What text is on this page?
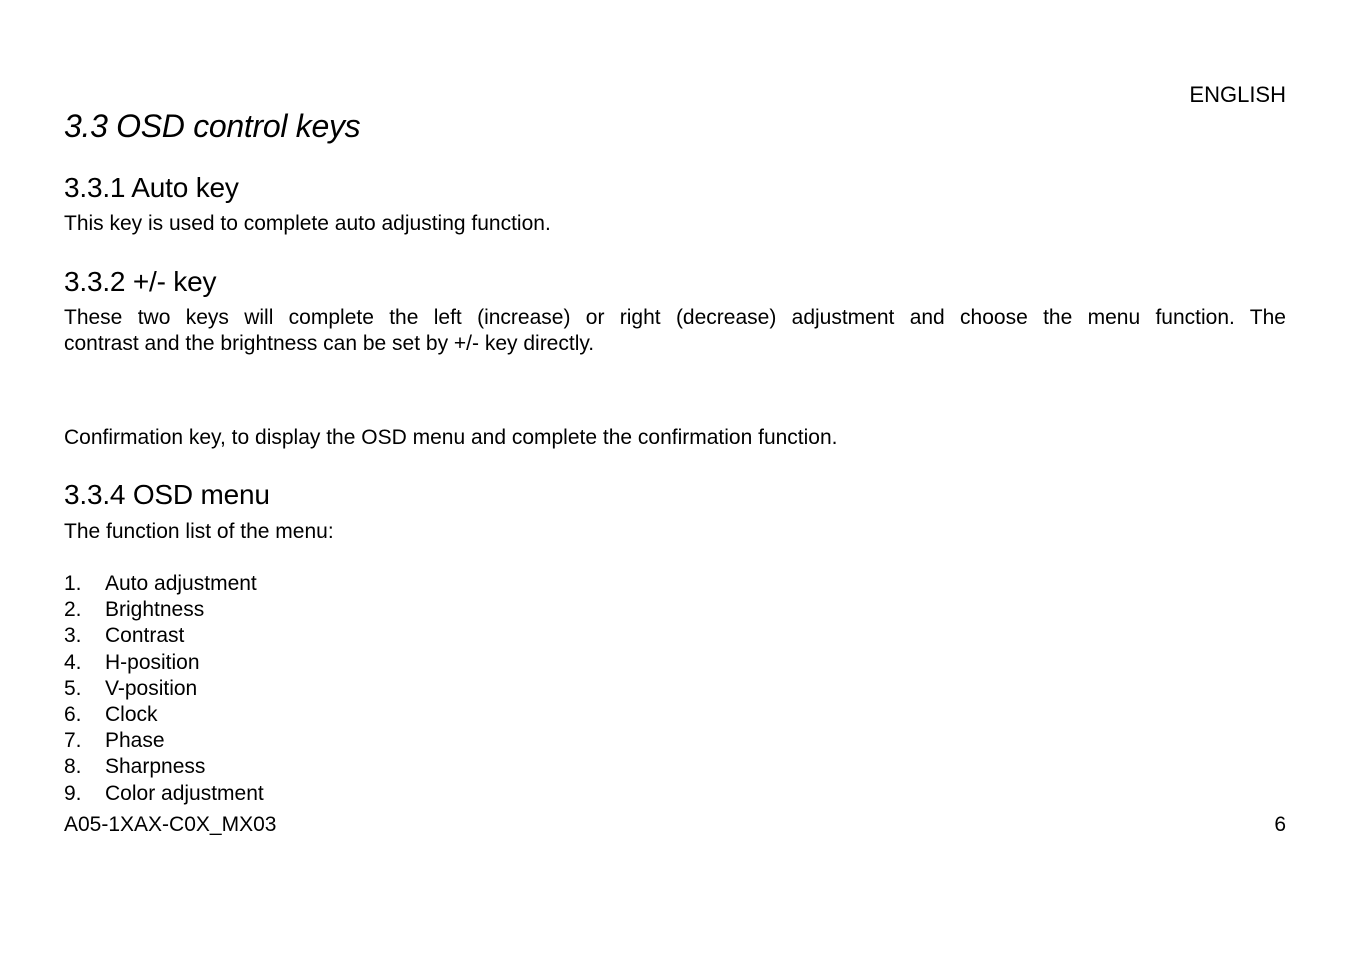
ENGLISH
3.3 OSD control keys
3.3.1 Auto key
This key is used to complete auto adjusting function.
3.3.2 +/- key
These two keys will complete the left (increase) or right (decrease) adjustment and choose the menu function. The
contrast and the brightness can be set by +/- key directly.
Confirmation key, to display the OSD menu and complete the confirmation function.
3.3.4 OSD menu
The function list of the menu:
1.	Auto adjustment
2.	Brightness
3.	Contrast
4.	H-position
5.	V-position
6.	Clock
7.	Phase
8.	Sharpness
9.	Color adjustment
A05-1XAX-C0X_MX03	6
